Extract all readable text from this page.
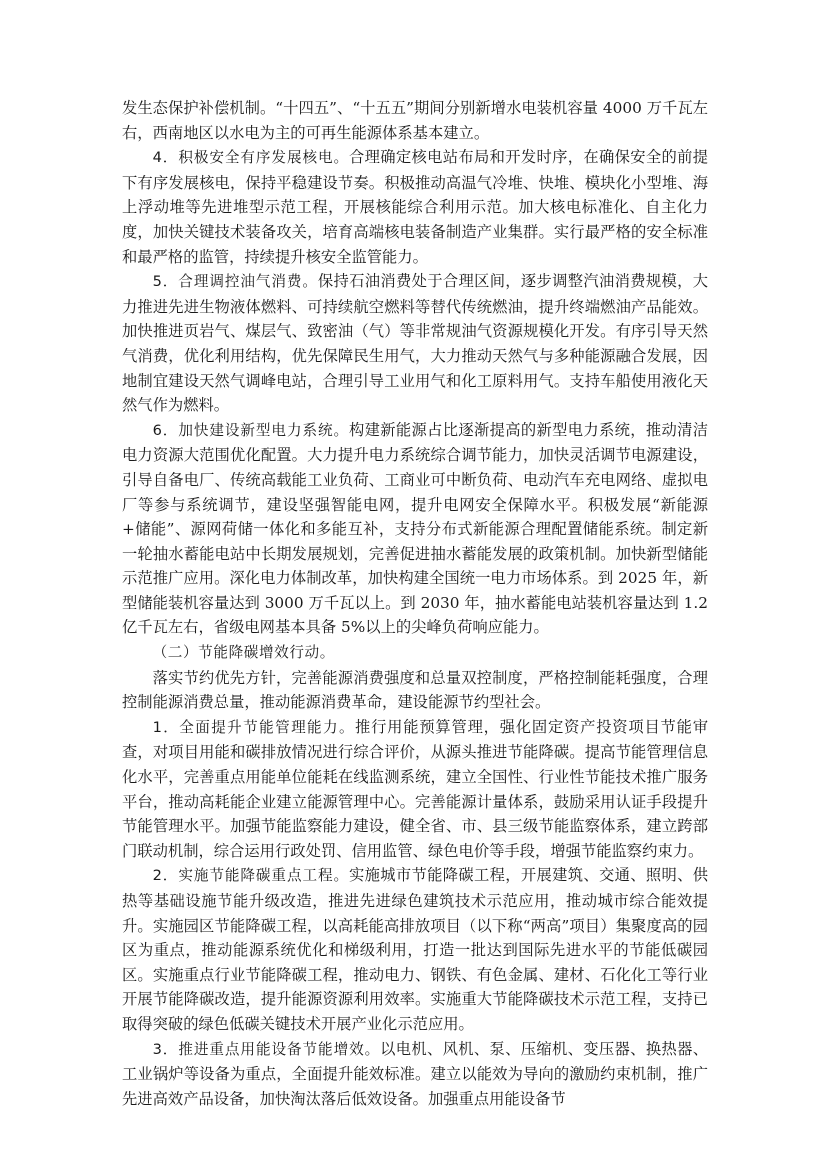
发生态保护补偿机制。“十四五”、“十五五”期间分别新增水电装机容量 4000 万千瓦左右，西南地区以水电为主的可再生能源体系基本建立。

4．积极安全有序发展核电。合理确定核电站布局和开发时序，在确保安全的前提下有序发展核电，保持平稳建设节奏。积极推动高温气冷堆、快堆、模块化小型堆、海上浮动堆等先进堆型示范工程，开展核能综合利用示范。加大核电标准化、自主化力度，加快关键技术装备攻关，培育高端核电装备制造产业集群。实行最严格的安全标准和最严格的监管，持续提升核安全监管能力。

5．合理调控油气消费。保持石油消费处于合理区间，逐步调整汽油消费规模，大力推进先进生物液体燃料、可持续航空燃料等替代传统燃油，提升终端燃油产品能效。加快推进页岩气、煤层气、致密油（气）等非常规油气资源规模化开发。有序引导天然气消费，优化利用结构，优先保障民生用气，大力推动天然气与多种能源融合发展，因地制宜建设天然气调峰电站，合理引导工业用气和化工原料用气。支持车船使用液化天然气作为燃料。

6．加快建设新型电力系统。构建新能源占比逐渐提高的新型电力系统，推动清洁电力资源大范围优化配置。大力提升电力系统综合调节能力，加快灵活调节电源建设，引导自备电厂、传统高载能工业负荷、工商业可中断负荷、电动汽车充电网络、虚拟电厂等参与系统调节，建设坚强智能电网，提升电网安全保障水平。积极发展“新能源+储能”、源网荷储一体化和多能互补，支持分布式新能源合理配置储能系统。制定新一轮抽水蓄能电站中长期发展规划，完善促进抽水蓄能发展的政策机制。加快新型储能示范推广应用。深化电力体制改革，加快构建全国统一电力市场体系。到 2025 年，新型储能装机容量达到 3000 万千瓦以上。到 2030 年，抽水蓄能电站装机容量达到 1.2 亿千瓦左右，省级电网基本具备 5%以上的尖峰负荷响应能力。

（二）节能降碳增效行动。

落实节约优先方针，完善能源消费强度和总量双控制度，严格控制能耗强度，合理控制能源消费总量，推动能源消费革命，建设能源节约型社会。

1．全面提升节能管理能力。推行用能预算管理，强化固定资产投资项目节能审查，对项目用能和碳排放情况进行综合评价，从源头推进节能降碳。提高节能管理信息化水平，完善重点用能单位能耗在线监测系统，建立全国性、行业性节能技术推广服务平台，推动高耗能企业建立能源管理中心。完善能源计量体系，鼓励采用认证手段提升节能管理水平。加强节能监察能力建设，健全省、市、县三级节能监察体系，建立跨部门联动机制，综合运用行政处罚、信用监管、绿色电价等手段，增强节能监察约束力。

2．实施节能降碳重点工程。实施城市节能降碳工程，开展建筑、交通、照明、供热等基础设施节能升级改造，推进先进绿色建筑技术示范应用，推动城市综合能效提升。实施园区节能降碳工程，以高耗能高排放项目（以下称“两高”项目）集聚度高的园区为重点，推动能源系统优化和梯级利用，打造一批达到国际先进水平的节能低碳园区。实施重点行业节能降碳工程，推动电力、钢铁、有色金属、建材、石化化工等行业开展节能降碳改造，提升能源资源利用效率。实施重大节能降碳技术示范工程，支持已取得突破的绿色低碳关键技术开展产业化示范应用。

3．推进重点用能设备节能增效。以电机、风机、泵、压缩机、变压器、换热器、工业锅炉等设备为重点，全面提升能效标准。建立以能效为导向的激励约束机制，推广先进高效产品设备，加快淘汰落后低效设备。加强重点用能设备节
